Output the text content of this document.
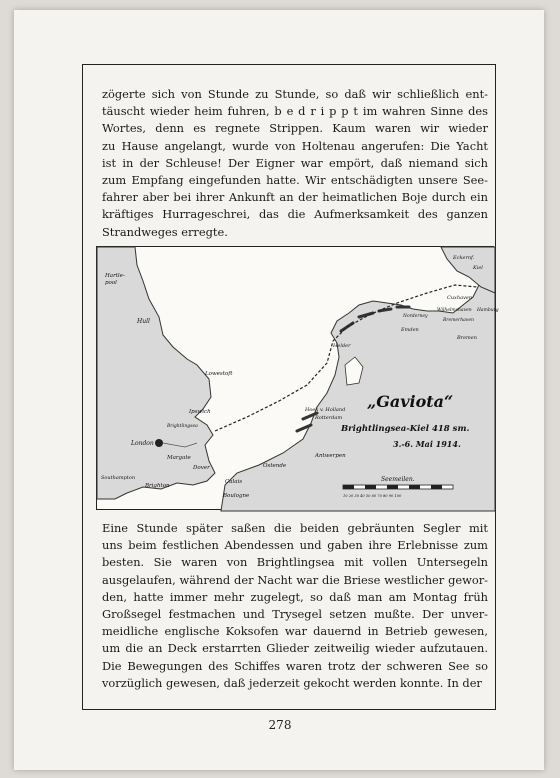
zögerte sich von Stunde zu Stunde, so daß wir schließlich ent-
täuscht wieder heim fuhren, b e d r i p p t im wahren Sinne des
Wortes, denn es regnete Strippen. Kaum waren wir wieder
zu Hause angelangt, wurde von Holtenau angerufen: Die Yacht
ist in der Schleuse! Der Eigner war empört, daß niemand sich
zum Empfang eingefunden hatte. Wir entschädigten unsere See-
fahrer aber bei ihrer Ankunft an der heimatlichen Boje durch ein
kräftiges Hurrageschrei, das die Aufmerksamkeit des ganzen
Strandweges erregte.
„Gaviota“
Brightlingsea-Kiel 418 sm.
3.-6. Mai 1914.
Seemeilen.
10 20 30 40 50 60 70 80 90 100
Hartle-
pool
Hull
Lowestoft
Ipswich
Brightlingsea
London
Margate
Dover
Southampton
Brighton
Calais
Boulogne
Ostende
Antwerpen
Hoek v. Holland
Rotterdam
Helder
Eckernf.
Kiel
Cuxhaven
Wilhelmshaven
Bremerhaven
Hamburg
Bremen
Emden
Norderney
Eine Stunde später saßen die beiden gebräunten Segler mit
uns beim festlichen Abendessen und gaben ihre Erlebnisse zum
besten. Sie waren von Brightlingsea mit vollen Untersegeln
ausgelaufen, während der Nacht war die Briese westlicher gewor-
den, hatte immer mehr zugelegt, so daß man am Montag früh
Großsegel festmachen und Trysegel setzen mußte. Der unver-
meidliche englische Koksofen war dauernd in Betrieb gewesen,
um die an Deck erstarrten Glieder zeitweilig wieder aufzutauen.
Die Bewegungen des Schiffes waren trotz der schweren See so
vorzüglich gewesen, daß jederzeit gekocht werden konnte. In der
278
